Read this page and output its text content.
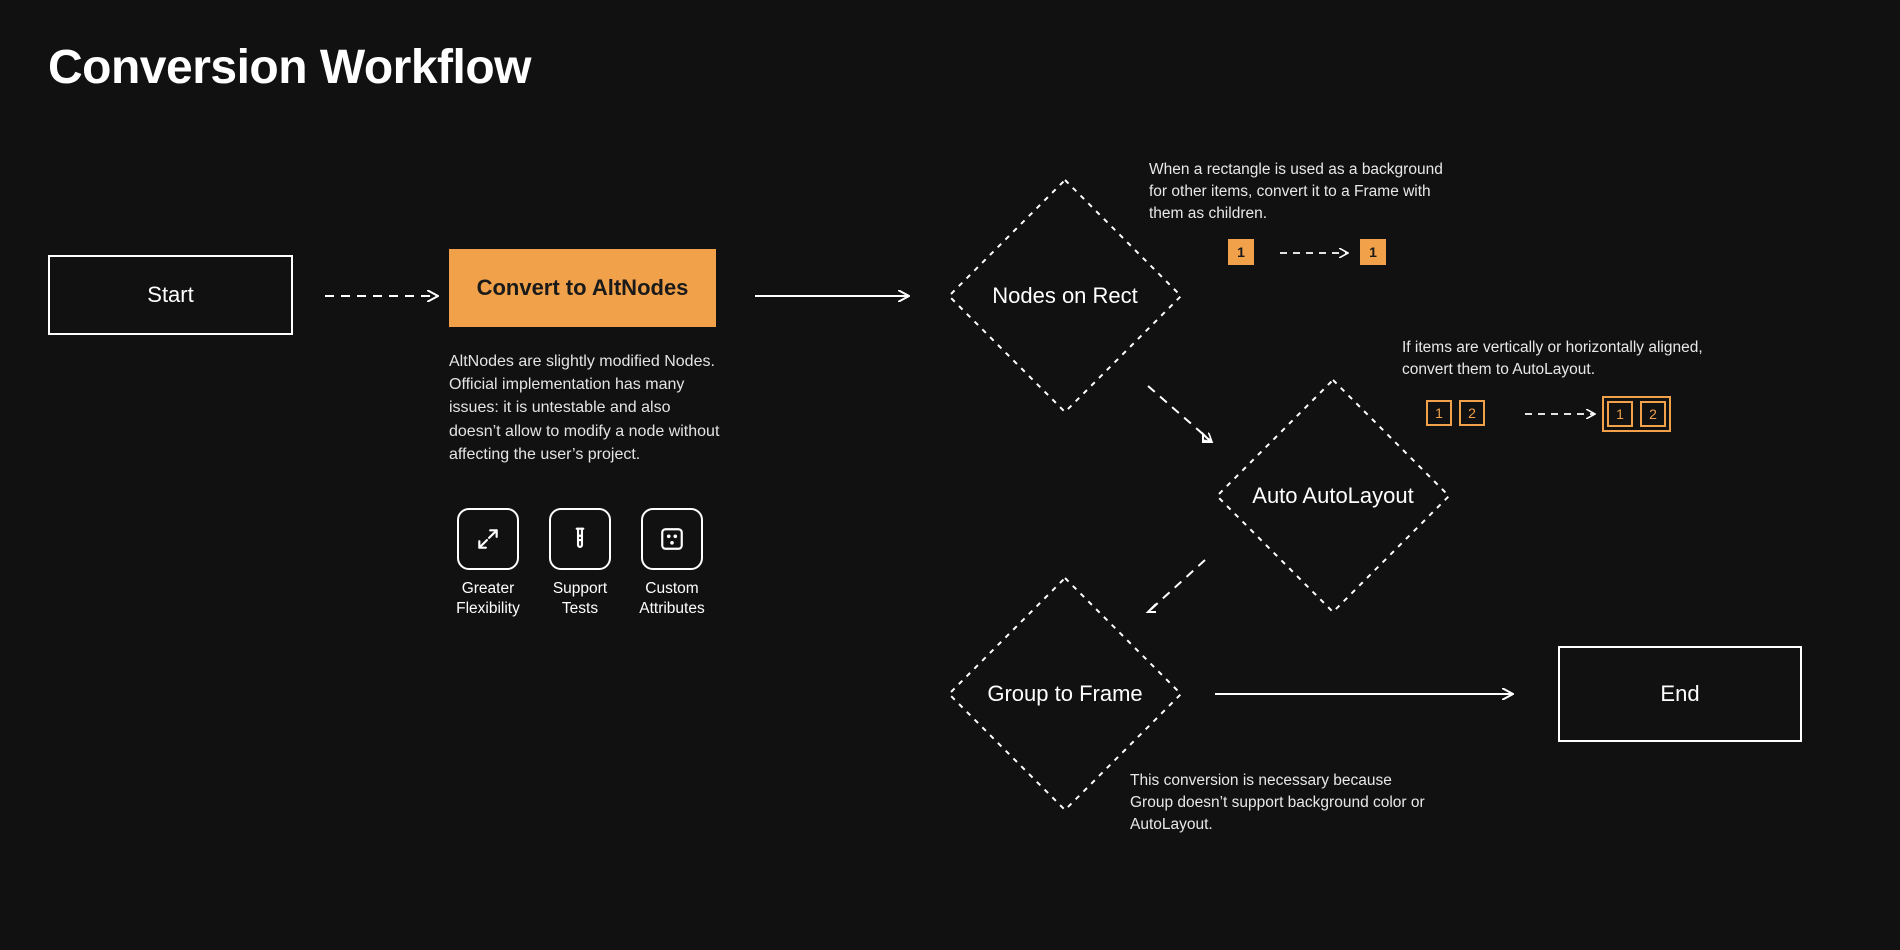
Conversion Workflow
Start	Convert to AltNodes
AltNodes are slightly modified Nodes. Official implementation has many issues: it is untestable and also doesn’t allow to modify a node without affecting the user’s project.
Greater Flexibility
Support Tests
Custom Attributes
Nodes on Rect
Auto AutoLayout
Group to Frame	End
When a rectangle is used as a background for other items, convert it to a Frame with them as children.
1	1
If items are vertically or horizontally aligned, convert them to AutoLayout.
1	2	1	2
This conversion is necessary because Group doesn’t support background color or AutoLayout.
